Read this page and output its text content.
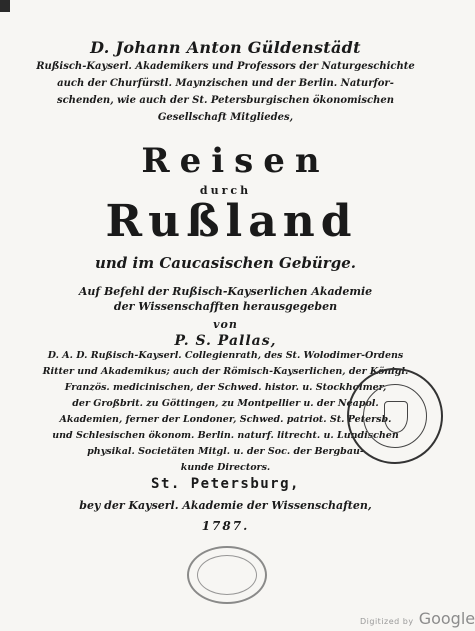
D. Johann Anton Güldenstädt
Rußisch-Kayserl. Akademikers und Professors der Naturgeschichte
auch der Churfürstl. Maynzischen und der Berlin. Naturfor-
schenden, wie auch der St. Petersburgischen ökonomischen
Gesellschaft Mitgliedes,
Reisen
durch
Rußland
und im Caucasischen Gebürge.
Auf Befehl der Rußisch-Kayserlichen Akademie
der Wissenschafften herausgegeben
von
P. S. Pallas,
D. A. D. Rußisch-Kayserl. Collegienrath, des St. Wolodimer-Ordens
Ritter und Akademikus; auch der Römisch-Kayserlichen, der Königl.
Französ. medicinischen, der Schwed. histor. u. Stockholmer,
der Großbrit. zu Göttingen, zu Montpellier u. der Neapol.
Akademien, ferner der Londoner, Schwed. patriot. St. Petersb.
und Schlesischen ökonom. Berlin. naturf. litrecht. u. Lundischen
physikal. Societäten Mitgl. u. der Soc. der Bergbau-
kunde Directors.
St. Petersburg,
bey der Kayserl. Akademie der Wissenschaften,
1787.
Digitized by Google
